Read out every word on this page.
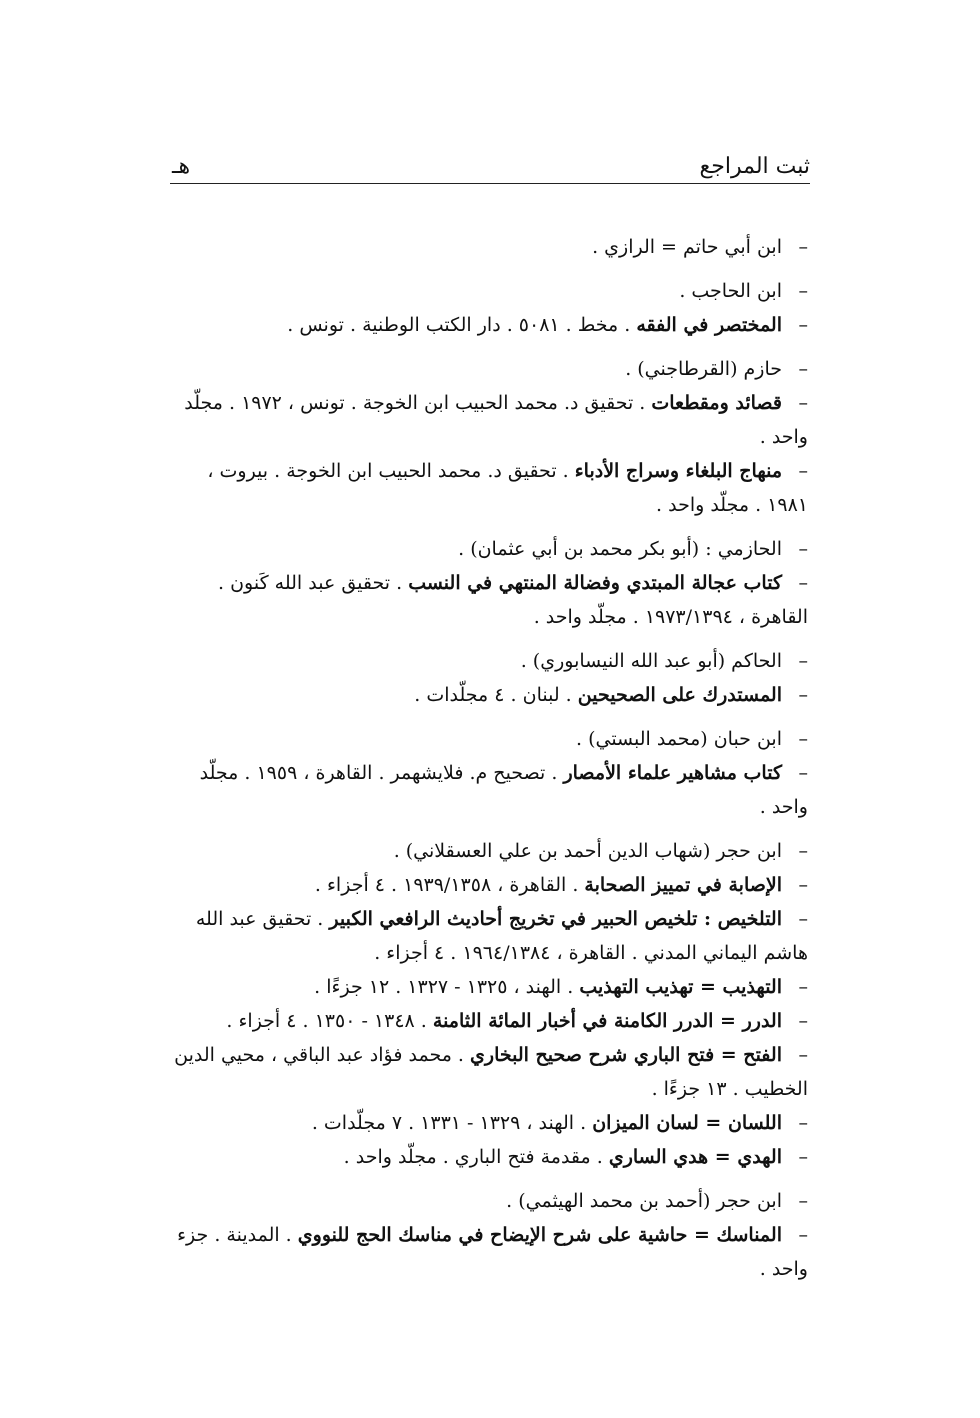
ثبت المراجع
هـ
–ابن أبي حاتم = الرازي .
–ابن الحاجب .
–المختصر في الفقه . مخط . ٥٠٨١ . دار الكتب الوطنية . تونس .
–حازم (القرطاجني) .
–قصائد ومقطعات . تحقيق د. محمد الحبيب ابن الخوجة . تونس ، ١٩٧٢ . مجلّد واحد .
–منهاج البلغاء وسراج الأدباء . تحقيق د. محمد الحبيب ابن الخوجة . بيروت ، ١٩٨١ . مجلّد واحد .
–الحازمي : (أبو بكر محمد بن أبي عثمان) .
–كتاب عجالة المبتدي وفضالة المنتهي في النسب . تحقيق عبد الله كَنون . القاهرة ، ١٩٧٣/١٣٩٤ . مجلّد واحد .
–الحاكم (أبو عبد الله النيسابوري) .
–المستدرك على الصحيحين . لبنان . ٤ مجلّدات .
–ابن حبان (محمد البستي) .
–كتاب مشاهير علماء الأمصار . تصحيح م. فلايشهمر . القاهرة ، ١٩٥٩ . مجلّد واحد .
–ابن حجر (شهاب الدين أحمد بن علي العسقلاني) .
–الإصابة في تمييز الصحابة . القاهرة ، ١٩٣٩/١٣٥٨ . ٤ أجزاء .
–التلخيص : تلخيص الحبير في تخريج أحاديث الرافعي الكبير . تحقيق عبد الله هاشم اليماني المدني . القاهرة ، ١٩٦٤/١٣٨٤ . ٤ أجزاء .
–التهذيب = تهذيب التهذيب . الهند ، ١٣٢٥ - ١٣٢٧ . ١٢ جزءًا .
–الدرر = الدرر الكامنة في أخبار المائة الثامنة . ١٣٤٨ - ١٣٥٠ . ٤ أجزاء .
–الفتح = فتح الباري شرح صحيح البخاري . محمد فؤاد عبد الباقي ، محيي الدين الخطيب . ١٣ جزءًا .
–اللسان = لسان الميزان . الهند ، ١٣٢٩ - ١٣٣١ . ٧ مجلّدات .
–الهدي = هدي الساري . مقدمة فتح الباري . مجلّد واحد .
–ابن حجر (أحمد بن محمد الهيثمي) .
–المناسك = حاشية على شرح الإيضاح في مناسك الحج للنووي . المدينة . جزء واحد .
